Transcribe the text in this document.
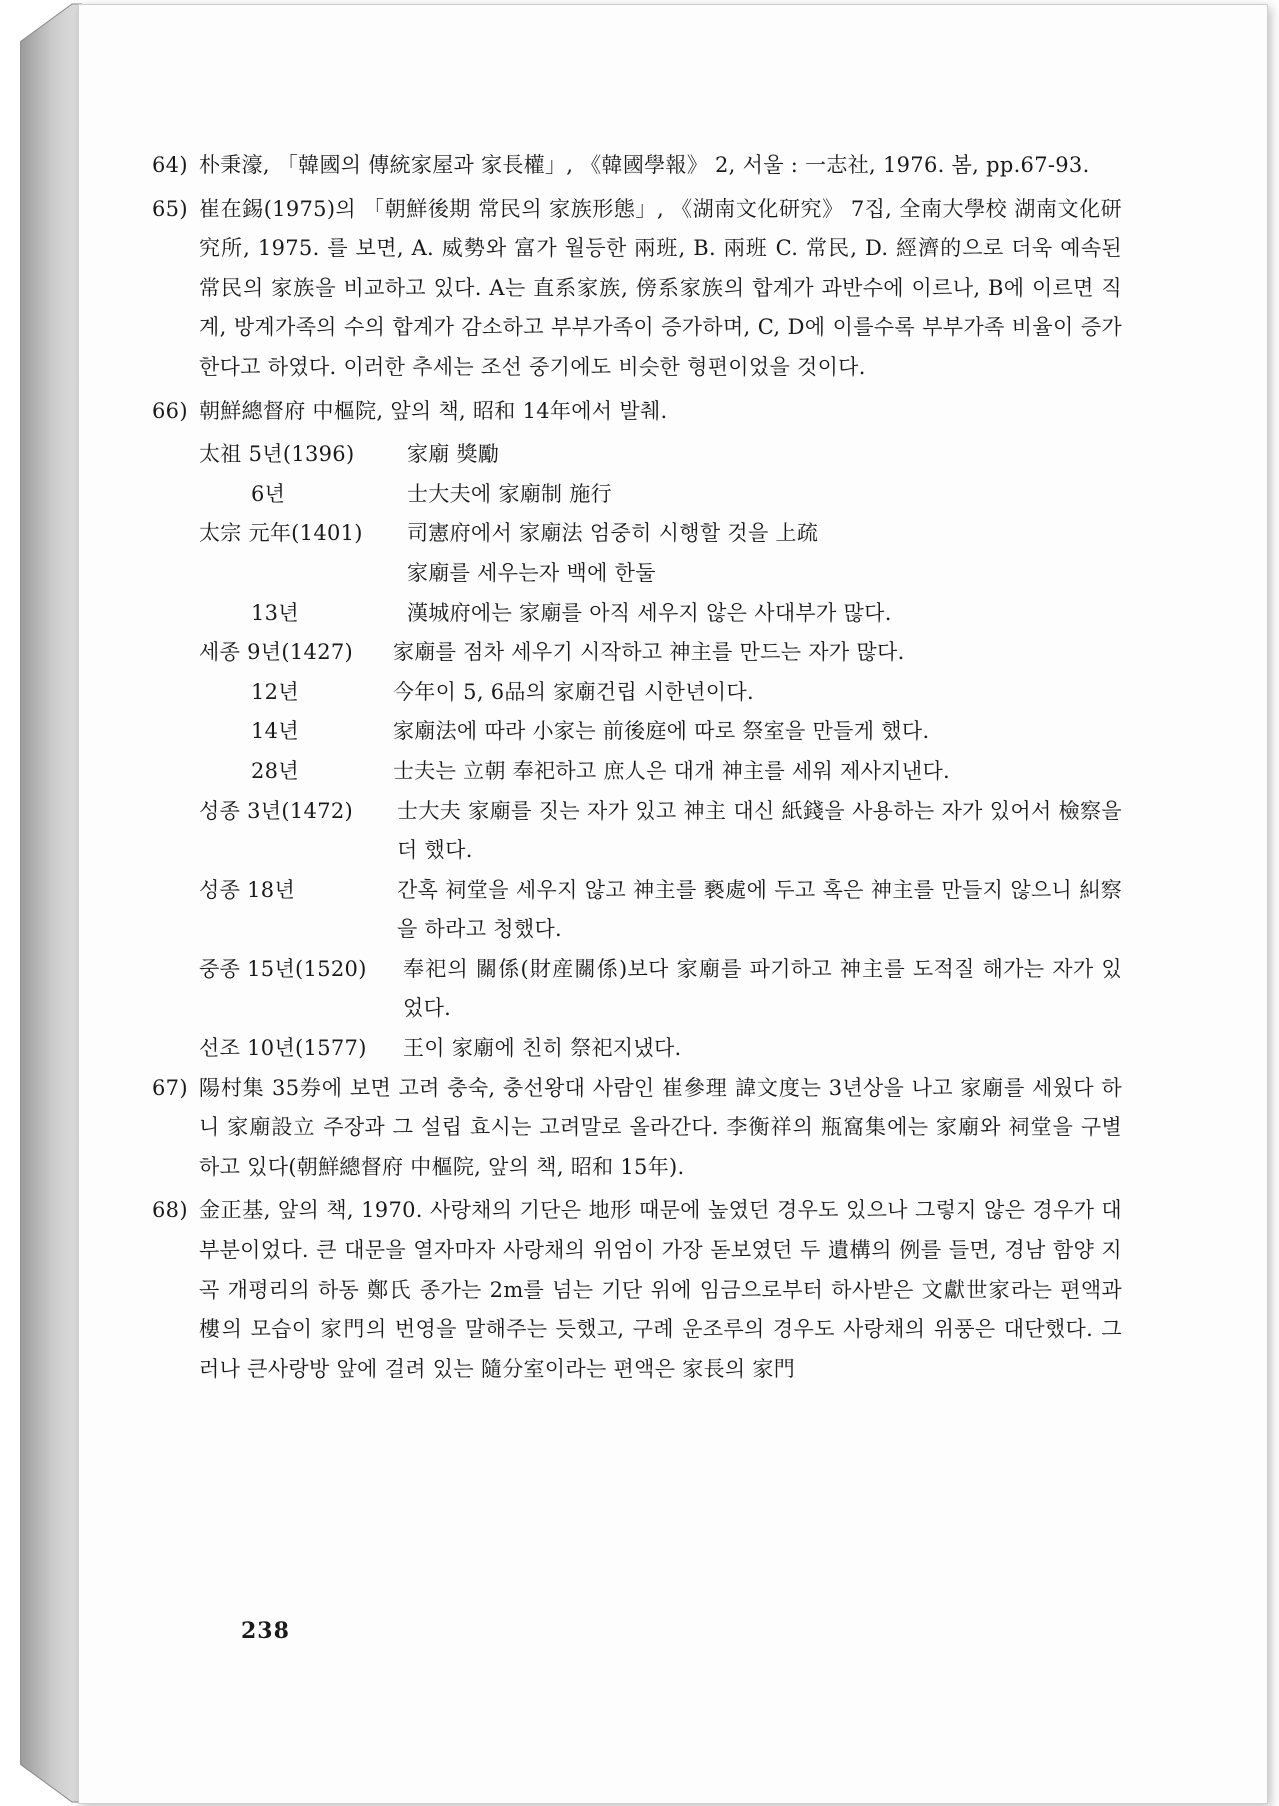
64) 朴秉濠, 「韓國의 傳統家屋과 家長權」, 《韓國學報》 2, 서울 : 一志社, 1976. 봄, pp.67-93.
65) 崔在錫(1975)의 「朝鮮後期 常民의 家族形態」, 《湖南文化研究》 7집, 全南大學校 湖南文化研究所, 1975. 를 보면, A. 威勢와 富가 월등한 兩班, B. 兩班 C. 常民, D. 經濟的으로 더욱 예속된 常民의 家族을 비교하고 있다. A는 直系家族, 傍系家族의 합계가 과반수에 이르나, B에 이르면 직계, 방계가족의 수의 합계가 감소하고 부부가족이 증가하며, C, D에 이를수록 부부가족 비율이 증가한다고 하였다. 이러한 추세는 조선 중기에도 비슷한 형편이었을 것이다.
66) 朝鮮總督府 中樞院, 앞의 책, 昭和 14年에서 발췌.
太祖 5년(1396)	家廟 獎勵
6년	士大夫에 家廟制 施行
太宗 元年(1401)	司憲府에서 家廟法 엄중히 시행할 것을 上疏
家廟를 세우는자 백에 한둘
13년	漢城府에는 家廟를 아직 세우지 않은 사대부가 많다.
세종 9년(1427)	家廟를 점차 세우기 시작하고 神主를 만드는 자가 많다.
12년	今年이 5, 6品의 家廟건립 시한년이다.
14년	家廟法에 따라 小家는 前後庭에 따로 祭室을 만들게 했다.
28년	士夫는 立朝 奉祀하고 庶人은 대개 神主를 세워 제사지낸다.
성종 3년(1472)	士大夫 家廟를 짓는 자가 있고 神主 대신 紙錢을 사용하는 자가 있어서 檢察을 더 했다.
성종 18년	간혹 祠堂을 세우지 않고 神主를 褻處에 두고 혹은 神主를 만들지 않으니 糾察을 하라고 청했다.
중종 15년(1520)	奉祀의 關係(財産關係)보다 家廟를 파기하고 神主를 도적질 해가는 자가 있었다.
선조 10년(1577)	王이 家廟에 친히 祭祀지냈다.
67) 陽村集 35券에 보면 고려 충숙, 충선왕대 사람인 崔參理 諱文度는 3년상을 나고 家廟를 세웠다 하니 家廟設立 주장과 그 설립 효시는 고려말로 올라간다. 李衡祥의 瓶窩集에는 家廟와 祠堂을 구별하고 있다(朝鮮總督府 中樞院, 앞의 책, 昭和 15年).
68) 金正基, 앞의 책, 1970. 사랑채의 기단은 地形 때문에 높였던 경우도 있으나 그렇지 않은 경우가 대부분이었다. 큰 대문을 열자마자 사랑채의 위엄이 가장 돋보였던 두 遺構의 例를 들면, 경남 함양 지곡 개평리의 하동 鄭氏 종가는 2m를 넘는 기단 위에 임금으로부터 하사받은 文獻世家라는 편액과 樓의 모습이 家門의 번영을 말해주는 듯했고, 구례 운조루의 경우도 사랑채의 위풍은 대단했다. 그러나 큰사랑방 앞에 걸려 있는 隨分室이라는 편액은 家長의 家門
238
